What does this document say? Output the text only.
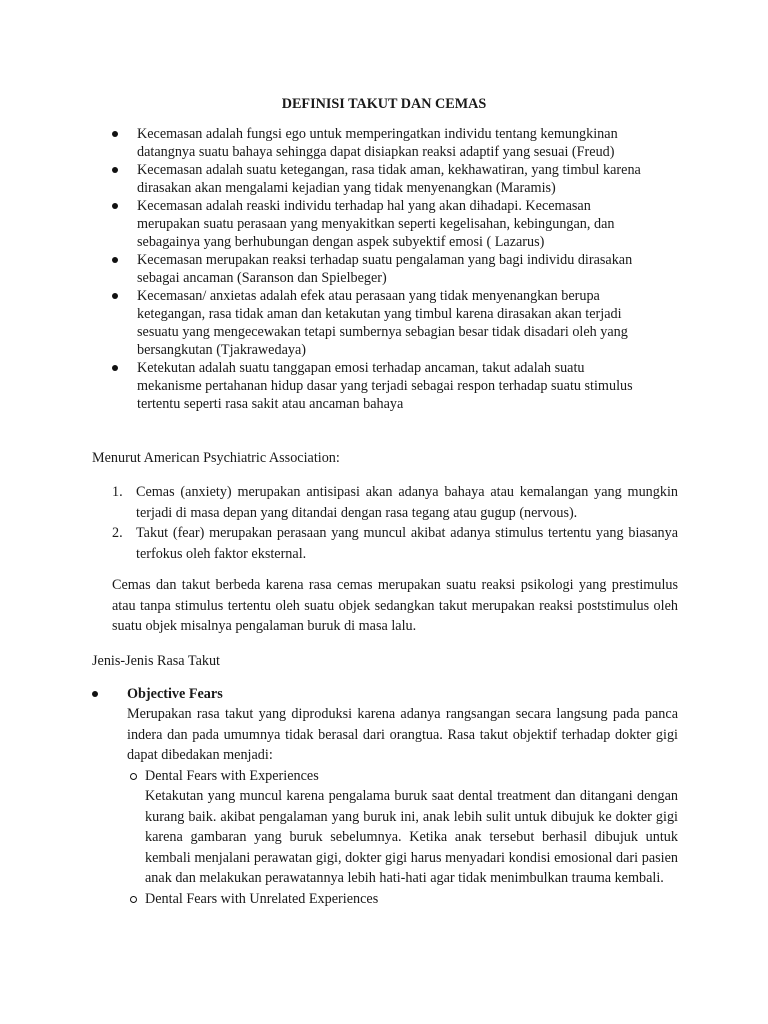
DEFINISI TAKUT DAN CEMAS
Kecemasan adalah fungsi ego untuk memperingatkan individu tentang kemungkinan
datangnya suatu bahaya sehingga dapat disiapkan reaksi adaptif yang sesuai (Freud)
Kecemasan adalah suatu ketegangan, rasa tidak aman, kekhawatiran, yang timbul karena
dirasakan akan mengalami kejadian yang tidak menyenangkan (Maramis)
Kecemasan adalah reaski individu terhadap hal yang akan dihadapi. Kecemasan
merupakan suatu perasaan yang menyakitkan seperti kegelisahan, kebingungan, dan
sebagainya yang berhubungan dengan aspek subyektif emosi ( Lazarus)
Kecemasan merupakan reaksi terhadap suatu pengalaman yang bagi individu dirasakan
sebagai ancaman (Saranson dan Spielbeger)
Kecemasan/ anxietas adalah efek atau perasaan yang tidak menyenangkan berupa
ketegangan, rasa tidak aman dan ketakutan yang timbul karena dirasakan akan terjadi
sesuatu yang mengecewakan tetapi sumbernya sebagian besar tidak disadari oleh yang
bersangkutan (Tjakrawedaya)
Ketekutan adalah suatu tanggapan emosi terhadap ancaman, takut adalah suatu
mekanisme pertahanan hidup dasar yang terjadi sebagai respon terhadap suatu stimulus
tertentu seperti rasa sakit atau ancaman bahaya
Menurut American Psychiatric Association:
1. Cemas (anxiety) merupakan antisipasi akan adanya bahaya atau kemalangan yang mungkin terjadi di masa depan yang ditandai dengan rasa tegang atau gugup (nervous).
2. Takut (fear) merupakan perasaan yang muncul akibat adanya stimulus tertentu yang biasanya terfokus oleh faktor eksternal.
Cemas dan takut berbeda karena rasa cemas merupakan suatu reaksi psikologi yang prestimulus atau tanpa stimulus tertentu oleh suatu objek sedangkan takut merupakan reaksi poststimulus oleh suatu objek misalnya pengalaman buruk di masa lalu.
Jenis-Jenis Rasa Takut
Objective Fears
Merupakan rasa takut yang diproduksi karena adanya rangsangan secara langsung pada panca indera dan pada umumnya tidak berasal dari orangtua. Rasa takut objektif terhadap dokter gigi dapat dibedakan menjadi:
Dental Fears with Experiences
Ketakutan yang muncul karena pengalama buruk saat dental treatment dan ditangani dengan kurang baik. akibat pengalaman yang buruk ini, anak lebih sulit untuk dibujuk ke dokter gigi karena gambaran yang buruk sebelumnya. Ketika anak tersebut berhasil dibujuk untuk kembali menjalani perawatan gigi, dokter gigi harus menyadari kondisi emosional dari pasien anak dan melakukan perawatannya lebih hati-hati agar tidak menimbulkan trauma kembali.
Dental Fears with Unrelated Experiences
